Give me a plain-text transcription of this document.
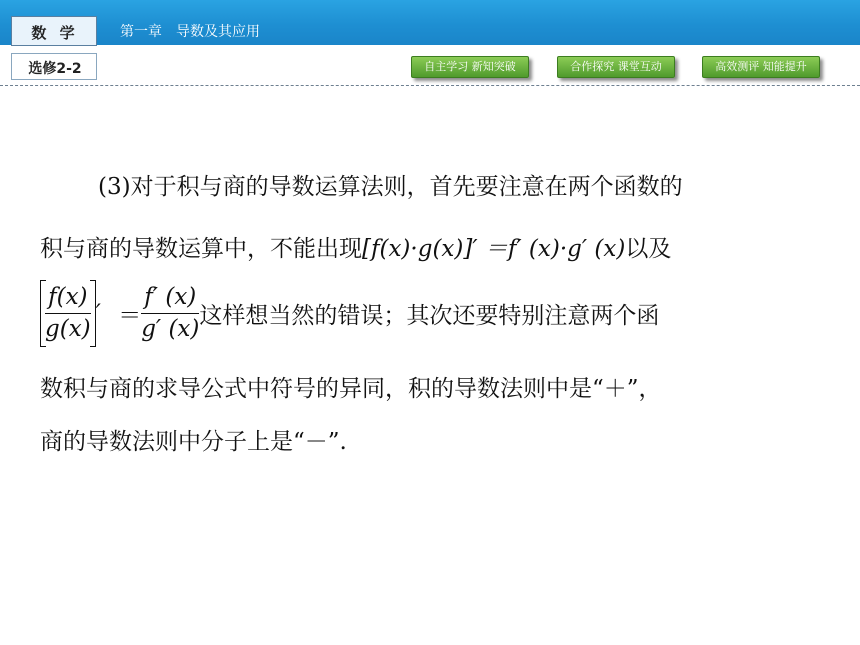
第一章　导数及其应用
数 学
选修2-2	自主学习 新知突破	合作探究 课堂互动	高效测评 知能提升
(3)对于积与商的导数运算法则，首先要注意在两个函数的
积与商的导数运算中，不能出现[f(x)·g(x)]′ ＝f′ (x)·g′ (x)以及
$\frac{f(x)}{g(x)}$ ′ ＝ $\frac{f' (x)}{g' (x)}$ 这样想当然的错误；其次还要特别注意两个函
数积与商的求导公式中符号的异同，积的导数法则中是“＋”，
商的导数法则中分子上是“－”.
